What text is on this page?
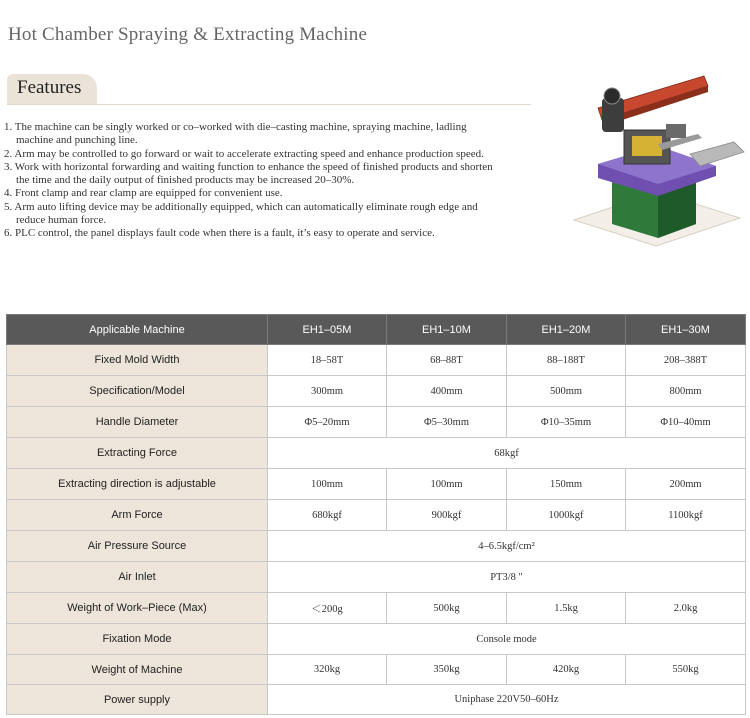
Hot Chamber Spraying & Extracting Machine
Features
1. The machine can be singly worked or co–worked with die–casting machine, spraying machine, ladling
machine and punching line.
2. Arm may be controlled to go forward or wait to accelerate extracting speed and enhance production speed.
3. Work with horizontal forwarding and waiting function to enhance the speed of finished products and shorten
the time and the daily output of finished products may be increased 20–30%.
4. Front clamp and rear clamp are equipped for convenient use.
5. Arm auto lifting device may be additionally equipped, which can automatically eliminate rough edge and
reduce human force.
6. PLC control, the panel displays fault code when there is a fault, it’s easy to operate and service.
Applicable Machine	EH1–05M	EH1–10M	EH1–20M	EH1–30M
Fixed Mold Width	18–58T	68–88T	88–188T	208–388T
Specification/Model	300mm	400mm	500mm	800mm
Handle Diameter	Φ5–20mm	Φ5–30mm	Φ10–35mm	Φ10–40mm
Extracting Force	68kgf			
Extracting direction is adjustable	100mm	100mm	150mm	200mm
Arm Force	680kgf	900kgf	1000kgf	1100kgf
Air Pressure Source	4–6.5kgf/cm²			
Air Inlet	PT3/8 "			
Weight of Work–Piece (Max)	＜200g	500kg	1.5kg	2.0kg
Fixation Mode	Console mode			
Weight of Machine	320kg	350kg	420kg	550kg
Power supply	Uniphase 220V50–60Hz			
